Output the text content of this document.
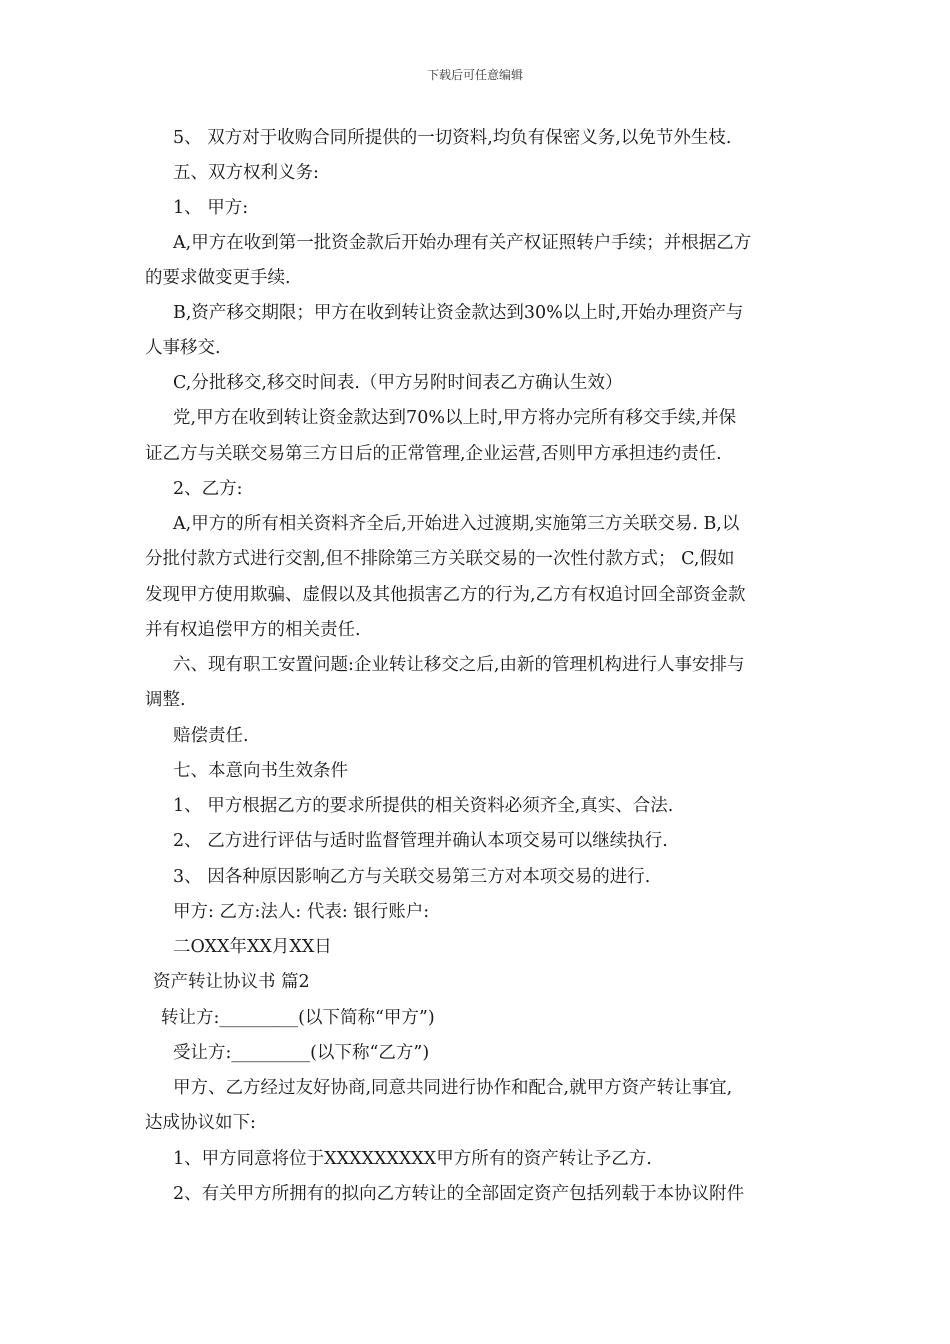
下载后可任意编辑
5、 双方对于收购合同所提供的一切资料,均负有保密义务,以免节外生枝.
五、双方权利义务:
1、 甲方:
A,甲方在收到第一批资金款后开始办理有关产权证照转户手续；并根据乙方
的要求做变更手续.
B,资产移交期限；甲方在收到转让资金款达到30%以上时,开始办理资产与
人事移交.
C,分批移交,移交时间表.（甲方另附时间表乙方确认生效）
党,甲方在收到转让资金款达到70%以上时,甲方将办完所有移交手续,并保
证乙方与关联交易第三方日后的正常管理,企业运营,否则甲方承担违约责任.
2、乙方:
A,甲方的所有相关资料齐全后,开始进入过渡期,实施第三方关联交易. B,以
分批付款方式进行交割,但不排除第三方关联交易的一次性付款方式； C,假如
发现甲方使用欺骗、虚假以及其他损害乙方的行为,乙方有权追讨回全部资金款
并有权追偿甲方的相关责任.
六、现有职工安置问题:企业转让移交之后,由新的管理机构进行人事安排与
调整.
赔偿责任.
七、本意向书生效条件
1、 甲方根据乙方的要求所提供的相关资料必须齐全,真实、合法.
2、 乙方进行评估与适时监督管理并确认本项交易可以继续执行.
3、 因各种原因影响乙方与关联交易第三方对本项交易的进行.
甲方: 乙方:法人: 代表: 银行账户:
二OXX年XX月XX日
资产转让协议书 篇2
转让方:_________(以下简称“甲方”)
受让方:_________(以下称“乙方”)
甲方、乙方经过友好协商,同意共同进行协作和配合,就甲方资产转让事宜,
达成协议如下:
1、甲方同意将位于XXXXXXXXX甲方所有的资产转让予乙方.
2、有关甲方所拥有的拟向乙方转让的全部固定资产包括列载于本协议附件
